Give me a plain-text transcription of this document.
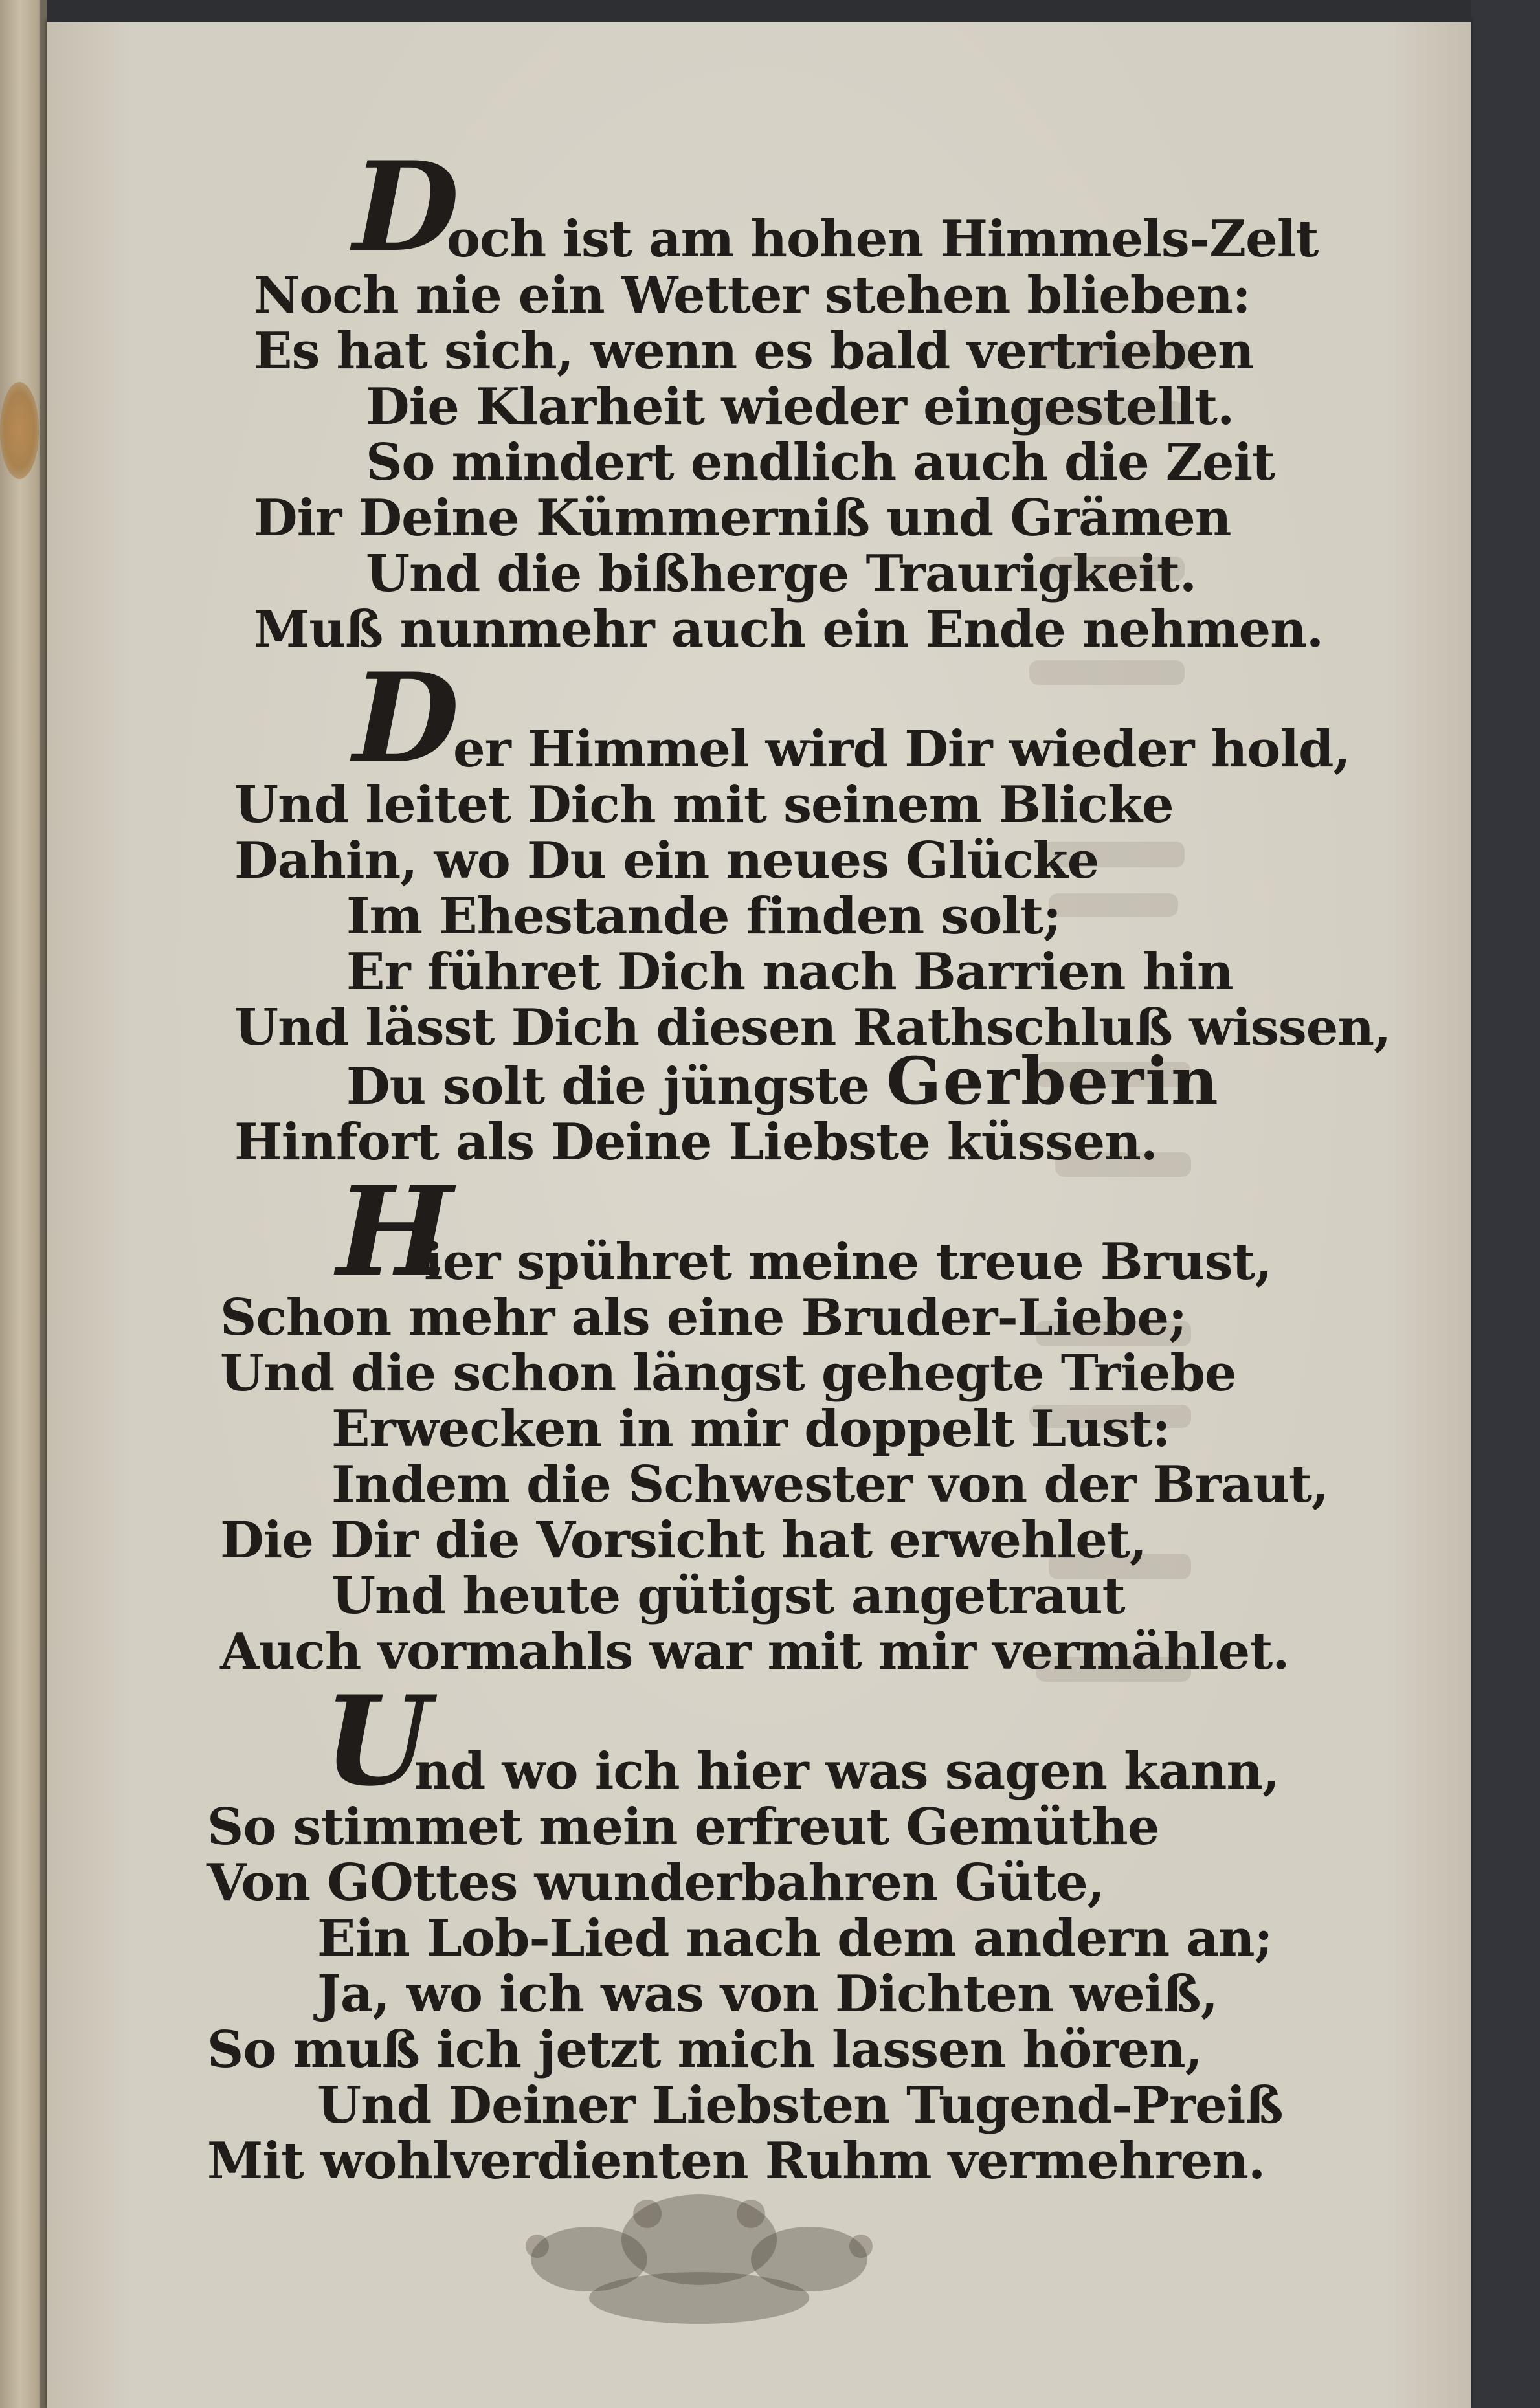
D
och ist am hohen Himmels-Zelt
Noch nie ein Wetter stehen blieben:
Es hat sich, wenn es bald vertrieben
Die Klarheit wieder eingestellt.
So mindert endlich auch die Zeit
Dir Deine Kümmerniß und Grämen
Und die bißherge Traurigkeit.
Muß nunmehr auch ein Ende nehmen.
D
er Himmel wird Dir wieder hold,
Und leitet Dich mit seinem Blicke
Dahin, wo Du ein neues Glücke
Im Ehestande finden solt;
Er führet Dich nach Barrien hin
Und lässt Dich diesen Rathschluß wissen,
Du solt die jüngste Gerberin
Hinfort als Deine Liebste küssen.
H
ier spühret meine treue Brust,
Schon mehr als eine Bruder-Liebe;
Und die schon längst gehegte Triebe
Erwecken in mir doppelt Lust:
Indem die Schwester von der Braut,
Die Dir die Vorsicht hat erwehlet,
Und heute gütigst angetraut
Auch vormahls war mit mir vermählet.
U
nd wo ich hier was sagen kann,
So stimmet mein erfreut Gemüthe
Von GOttes wunderbahren Güte,
Ein Lob-Lied nach dem andern an;
Ja, wo ich was von Dichten weiß,
So muß ich jetzt mich lassen hören,
Und Deiner Liebsten Tugend-Preiß
Mit wohlverdienten Ruhm vermehren.
